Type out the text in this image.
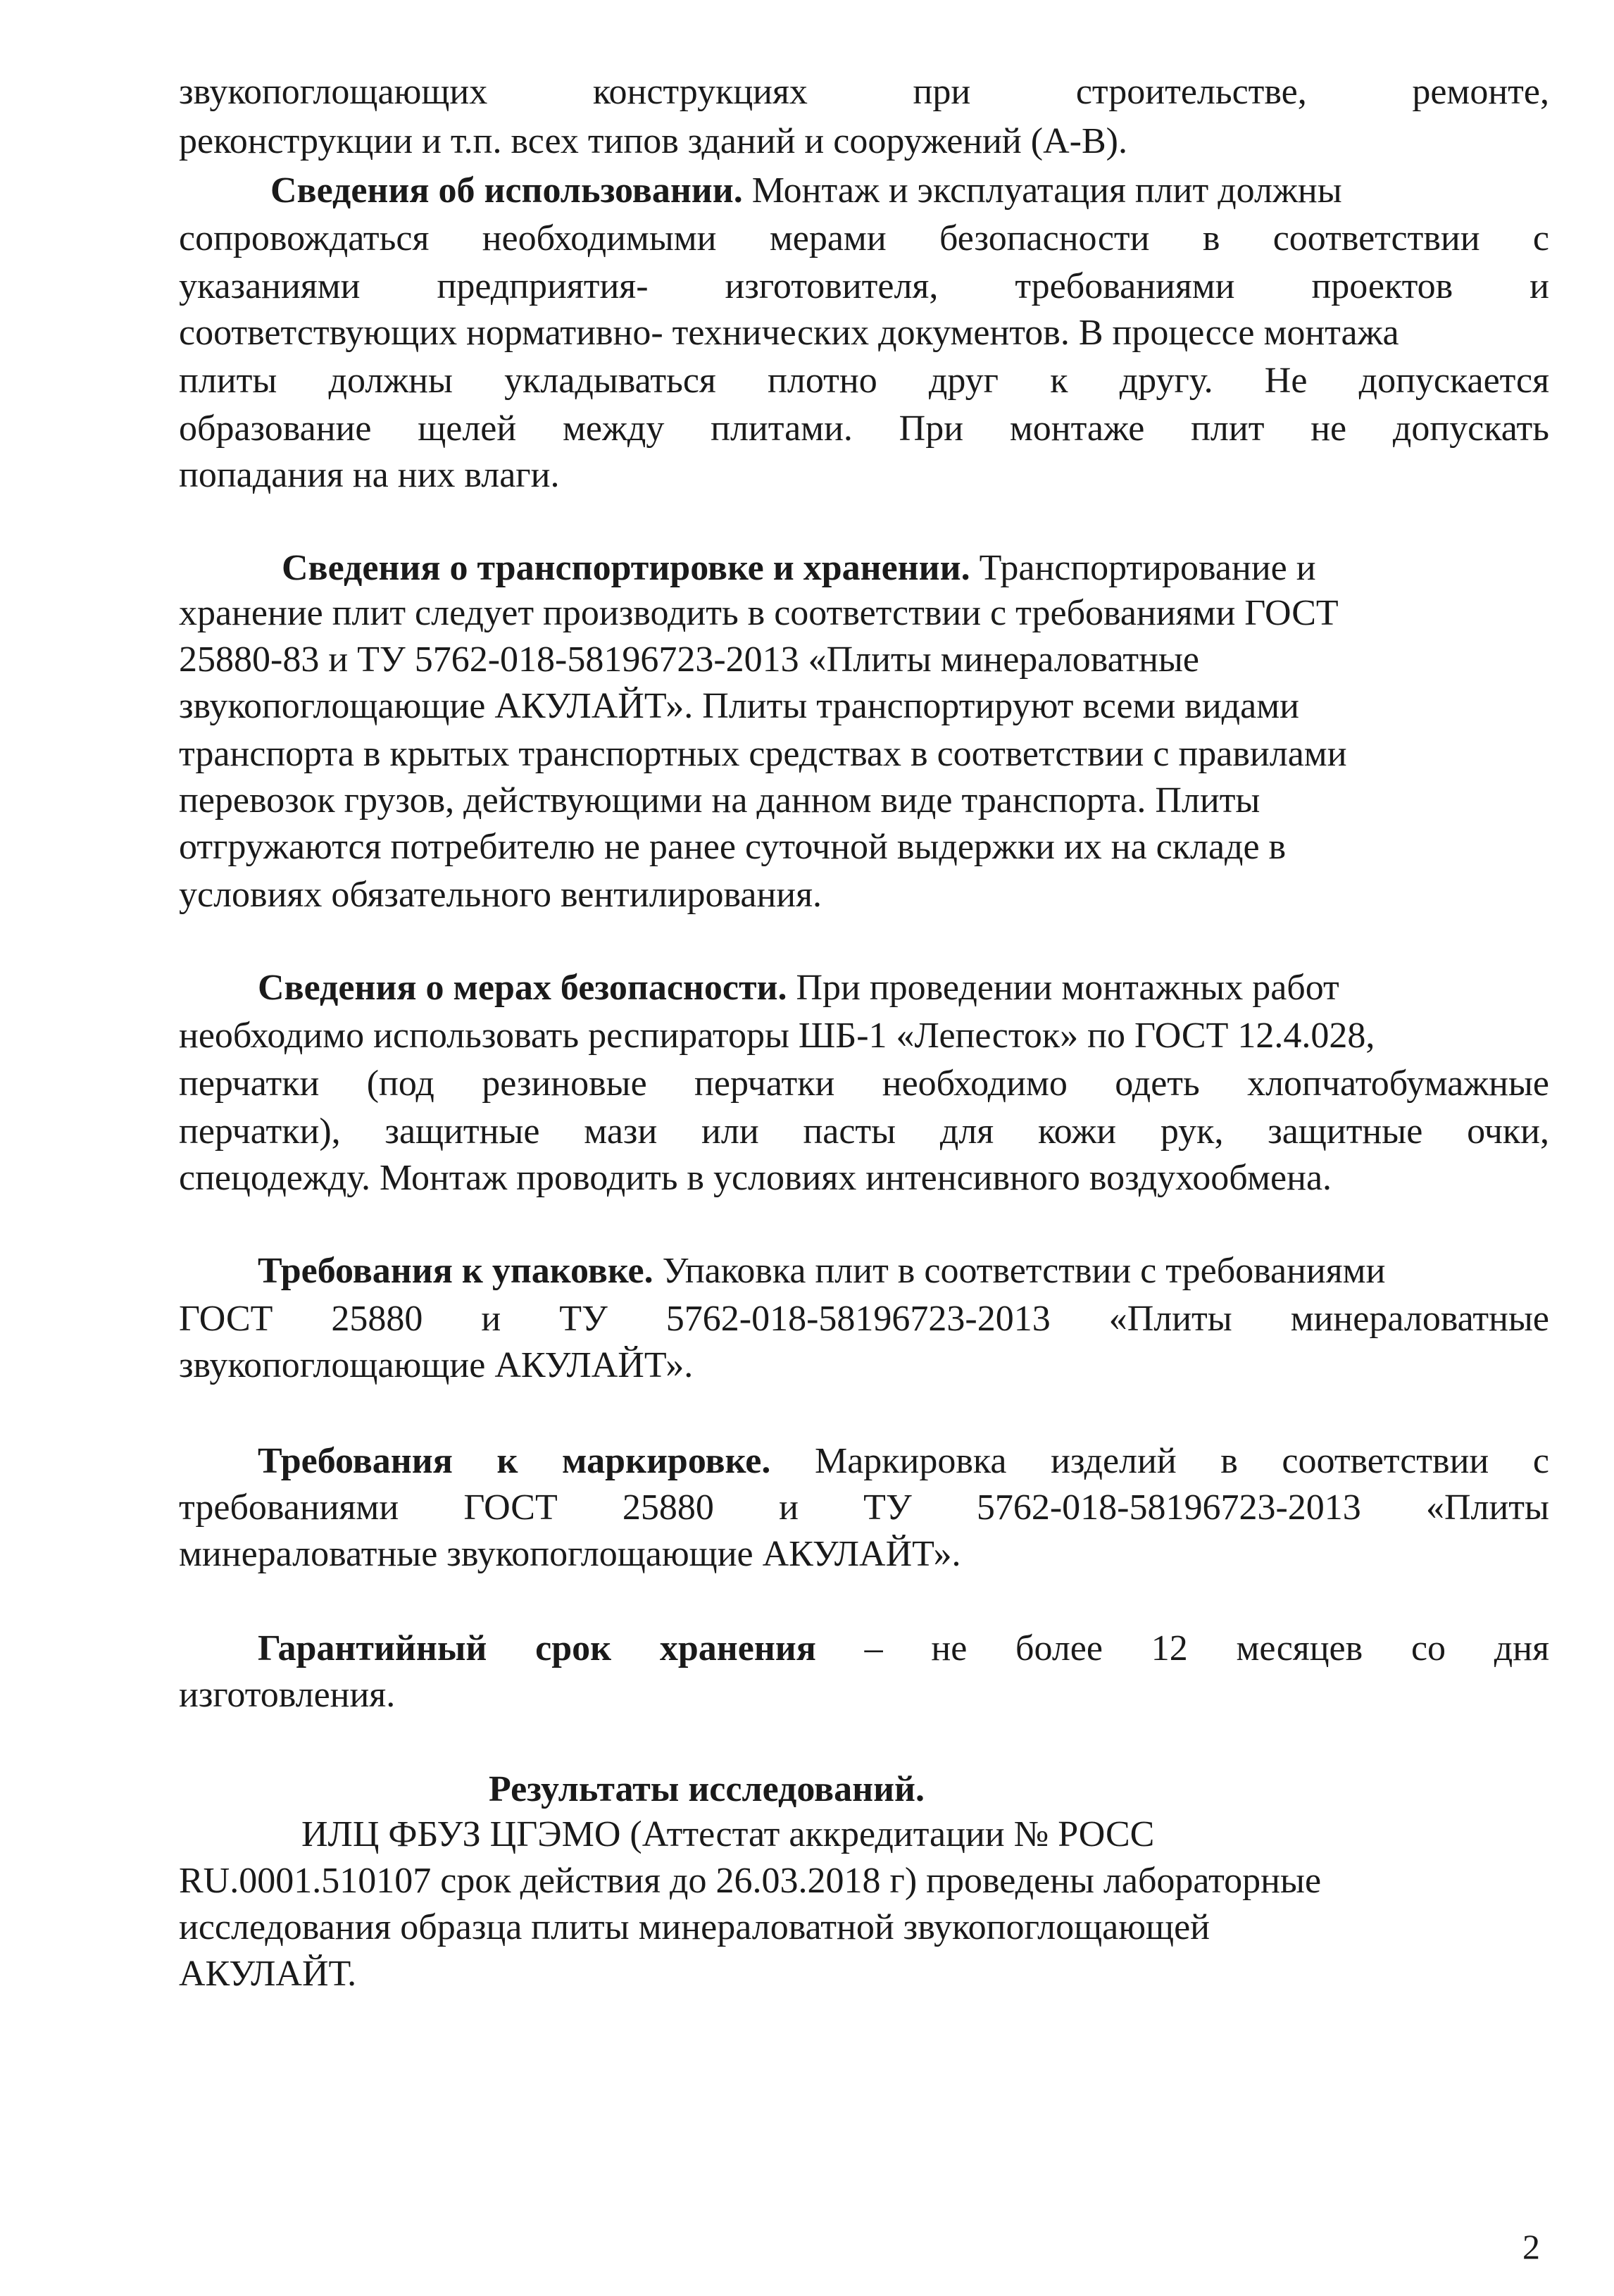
звукопоглощающих	конструкциях	при	строительстве,	ремонте,
реконструкции и т.п. всех типов зданий и сооружений (А-В).
Сведения об использовании. Монтаж и эксплуатация плит должны
сопровождаться необходимыми мерами безопасности в соответствии с
указаниями предприятия- изготовителя, требованиями проектов и
соответствующих нормативно- технических документов. В процессе монтажа
плиты должны укладываться плотно друг к другу. Не допускается
образование щелей между плитами. При монтаже плит не допускать
попадания на них влаги.
Сведения о транспортировке и хранении. Транспортирование и
хранение плит следует производить в соответствии с требованиями ГОСТ
25880-83 и ТУ 5762-018-58196723-2013 «Плиты минераловатные
звукопоглощающие АКУЛАЙТ». Плиты транспортируют всеми видами
транспорта в крытых транспортных средствах в соответствии с правилами
перевозок грузов, действующими на данном виде транспорта. Плиты
отгружаются потребителю не ранее суточной выдержки их на складе в
условиях обязательного вентилирования.
Сведения о мерах безопасности. При проведении монтажных работ
необходимо использовать респираторы ШБ-1 «Лепесток» по ГОСТ 12.4.028,
перчатки (под резиновые перчатки необходимо одеть хлопчатобумажные
перчатки), защитные мази или пасты для кожи рук, защитные очки,
спецодежду. Монтаж проводить в условиях интенсивного воздухообмена.
Требования к упаковке. Упаковка плит в соответствии с требованиями
ГОСТ 25880 и ТУ 5762-018-58196723-2013 «Плиты минераловатные
звукопоглощающие АКУЛАЙТ».
Требования к маркировке. Маркировка изделий в соответствии с
требованиями ГОСТ 25880 и ТУ 5762-018-58196723-2013 «Плиты
минераловатные звукопоглощающие АКУЛАЙТ».
Гарантийный срок хранения – не более 12 месяцев со дня
изготовления.
Результаты исследований.
ИЛЦ ФБУЗ ЦГЭМО (Аттестат аккредитации № РОСС
RU.0001.510107 срок действия до 26.03.2018 г) проведены лабораторные
исследования образца плиты минераловатной звукопоглощающей
АКУЛАЙТ.
2
